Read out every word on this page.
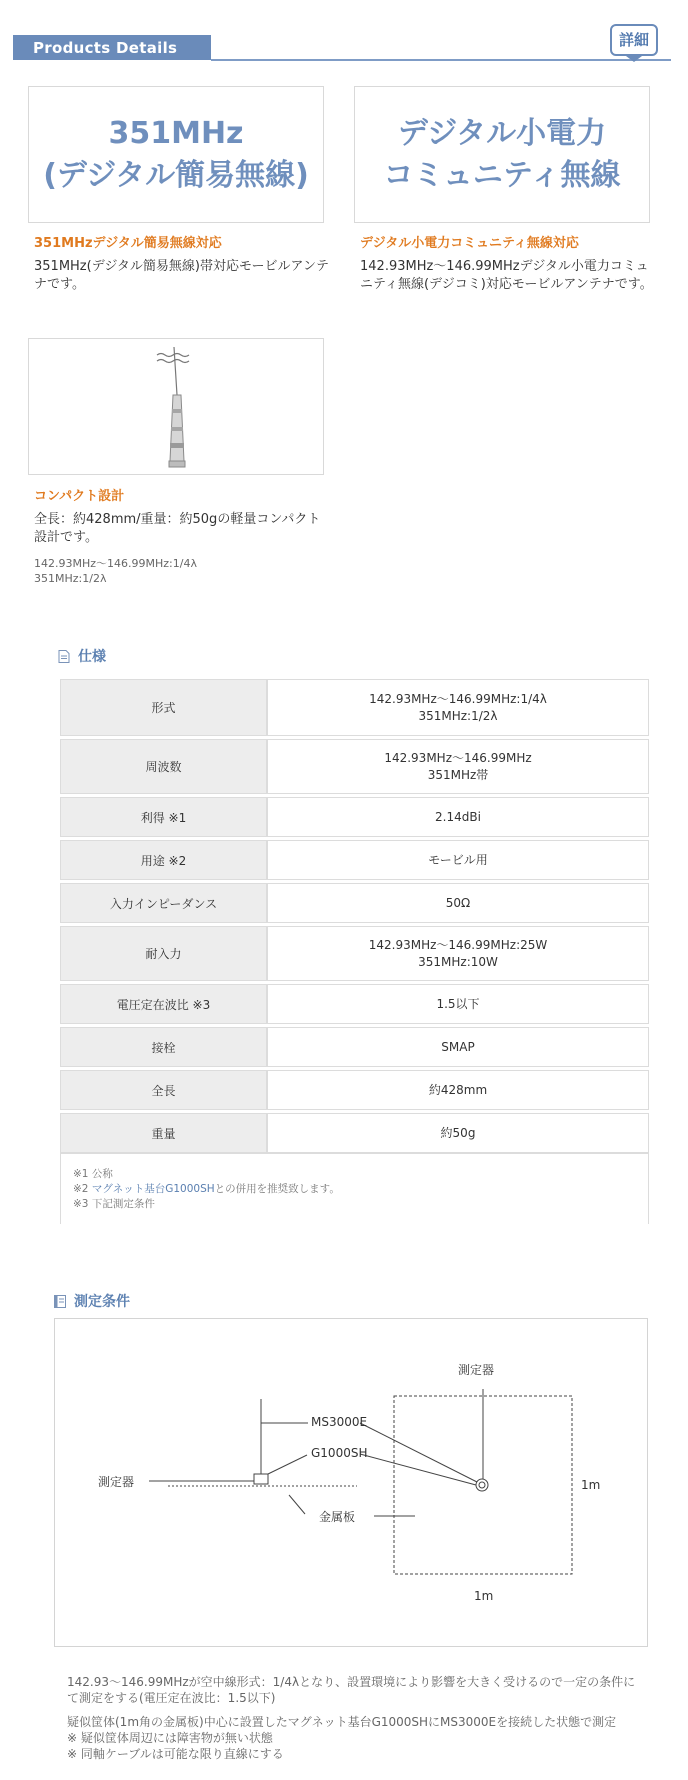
Products Details	詳細
351MHz
(デジタル簡易無線)
351MHzデジタル簡易無線対応
351MHz(デジタル簡易無線)帯対応モービルアンテナです。
デジタル小電力
コミュニティ無線
デジタル小電力コミュニティ無線対応
142.93MHz～146.99MHzデジタル小電力コミュニティ無線(デジコミ)対応モービルアンテナです。
コンパクト設計
全長：約428mm/重量：約50gの軽量コンパクト設計です。
142.93MHz～146.99MHz:1/4λ
351MHz:1/2λ
仕様
形式	142.93MHz～146.99MHz:1/4λ
351MHz:1/2λ

周波数	142.93MHz～146.99MHz
351MHz帯

利得 ※1	2.14dBi
用途 ※2	モービル用
入力インピーダンス	50Ω
耐入力	142.93MHz～146.99MHz:25W
351MHz:10W

電圧定在波比 ※3	1.5以下
接栓	SMAP
全長	約428mm
重量	約50g
※1 公称
※2 マグネット基台G1000SHとの併用を推奨致します。
※3 下記測定条件
測定条件
測定器
MS3000E
G1000SH
測定器
金属板
1m
1m
142.93～146.99MHzが空中線形式：1/4λとなり、設置環境により影響を大きく受けるので一定の条件にて測定をする(電圧定在波比：1.5以下)
疑似筐体(1m角の金属板)中心に設置したマグネット基台G1000SHにMS3000Eを接続した状態で測定
※ 疑似筐体周辺には障害物が無い状態
※ 同軸ケーブルは可能な限り直線にする
